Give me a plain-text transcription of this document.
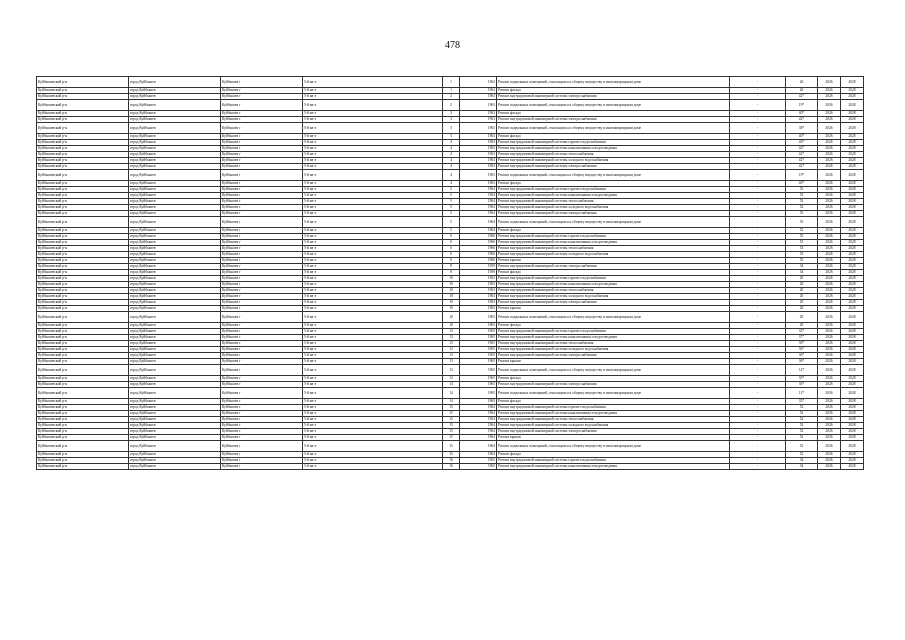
478
Куйбышевский р-н	город Куйбышев	Куйбышев г	5-й кв-л	1	1962	Ремонт подвальных помещений, относящихся к общему имуществу в многоквартирном доме	-	26	2026	2028
Куйбышевский р-н	город Куйбышев	Куйбышев г	5-й кв-л	1	1962	Ремонт фасада	-	26	2026	2028
Куйбышевский р-н	город Куйбышев	Куйбышев г	5-й кв-л	2	1963	Ремонт внутридомовой инженерной системы электроснабжения	-	42*	2026	2028
Куйбышевский р-н	город Куйбышев	Куйбышев г	5-й кв-л	2	1963	Ремонт подвальных помещений, относящихся к общему имуществу в многоквартирном доме	-	19*	2026	2028
Куйбышевский р-н	город Куйбышев	Куйбышев г	5-й кв-л	2	1963	Ремонт фасада	-	40*	2026	2028
Куйбышевский р-н	город Куйбышев	Куйбышев г	5-й кв-л	3	1963	Ремонт внутридомовой инженерной системы электроснабжения	-	42*	2026	2028
Куйбышевский р-н	город Куйбышев	Куйбышев г	5-й кв-л	3	1963	Ремонт подвальных помещений, относящихся к общему имуществу в многоквартирном доме	-	38*	2026	2028
Куйбышевский р-н	город Куйбышев	Куйбышев г	5-й кв-л	3	1963	Ремонт фасада	-	40*	2026	2028
Куйбышевский р-н	город Куйбышев	Куйбышев г	5-й кв-л	4	1963	Ремонт внутридомовой инженерной системы горячего водоснабжения	-	46*	2026	2028
Куйбышевский р-н	город Куйбышев	Куйбышев г	5-й кв-л	4	1963	Ремонт внутридомовой инженерной системы канализования и водоотведения	-	42*	2026	2028
Куйбышевский р-н	город Куйбышев	Куйбышев г	5-й кв-л	4	1963	Ремонт внутридомовой инженерной системы теплоснабжения	-	42*	2026	2028
Куйбышевский р-н	город Куйбышев	Куйбышев г	5-й кв-л	4	1963	Ремонт внутридомовой инженерной системы холодного водоснабжения	-	42*	2026	2028
Куйбышевский р-н	город Куйбышев	Куйбышев г	5-й кв-л	4	1963	Ремонт внутридомовой инженерной системы электроснабжения	-	42*	2026	2028
Куйбышевский р-н	город Куйбышев	Куйбышев г	5-й кв-л	4	1963	Ремонт подвальных помещений, относящихся к общему имуществу в многоквартирном доме	-	19*	2026	2028
Куйбышевский р-н	город Куйбышев	Куйбышев г	5-й кв-л	4	1963	Ремонт фасада	-	40*	2026	2028
Куйбышевский р-н	город Куйбышев	Куйбышев г	5-й кв-л	5	1964	Ремонт внутридомовой инженерной системы горячего водоснабжения	-	53	2026	2028
Куйбышевский р-н	город Куйбышев	Куйбышев г	5-й кв-л	5	1964	Ремонт внутридомовой инженерной системы канализования и водоотведения	-	53	2026	2028
Куйбышевский р-н	город Куйбышев	Куйбышев г	5-й кв-л	5	1964	Ремонт внутридомовой инженерной системы теплоснабжения	-	53	2026	2028
Куйбышевский р-н	город Куйбышев	Куйбышев г	5-й кв-л	5	1964	Ремонт внутридомовой инженерной системы холодного водоснабжения	-	52	2026	2028
Куйбышевский р-н	город Куйбышев	Куйбышев г	5-й кв-л	5	1964	Ремонт внутридомовой инженерной системы электроснабжения	-	53	2026	2028
Куйбышевский р-н	город Куйбышев	Куйбышев г	5-й кв-л	5	1964	Ремонт подвальных помещений, относящихся к общему имуществу в многоквартирном доме	-	53	2026	2028
Куйбышевский р-н	город Куйбышев	Куйбышев г	5-й кв-л	5	1964	Ремонт фасада	-	52	2026	2028
Куйбышевский р-н	город Куйбышев	Куйбышев г	5-й кв-л	6	1966	Ремонт внутридомовой инженерной системы горячего водоснабжения	-	53	2026	2028
Куйбышевский р-н	город Куйбышев	Куйбышев г	5-й кв-л	6	1966	Ремонт внутридомовой инженерной системы канализования и водоотведения	-	53	2026	2028
Куйбышевский р-н	город Куйбышев	Куйбышев г	5-й кв-л	6	1966	Ремонт внутридомовой инженерной системы теплоснабжения	-	53	2026	2028
Куйбышевский р-н	город Куйбышев	Куйбышев г	5-й кв-л	6	1966	Ремонт внутридомовой инженерной системы холодного водоснабжения	-	53	2026	2028
Куйбышевский р-н	город Куйбышев	Куйбышев г	5-й кв-л	6	1966	Ремонт крыши	-	53	2026	2028
Куйбышевский р-н	город Куйбышев	Куйбышев г	5-й кв-л	8	1959	Ремонт внутридомовой инженерной системы электроснабжения	-	34	2026	2028
Куйбышевский р-н	город Куйбышев	Куйбышев г	5-й кв-л	8	1959	Ремонт фасада	-	34	2026	2028
Куйбышевский р-н	город Куйбышев	Куйбышев г	5-й кв-л	10	1963	Ремонт внутридомовой инженерной системы горячего водоснабжения	-	20	2026	2028
Куйбышевский р-н	город Куйбышев	Куйбышев г	5-й кв-л	10	1963	Ремонт внутридомовой инженерной системы канализования и водоотведения	-	20	2026	2028
Куйбышевский р-н	город Куйбышев	Куйбышев г	5-й кв-л	10	1963	Ремонт внутридомовой инженерной системы теплоснабжения	-	20	2026	2028
Куйбышевский р-н	город Куйбышев	Куйбышев г	5-й кв-л	10	1963	Ремонт внутридомовой инженерной системы холодного водоснабжения	-	20	2026	2028
Куйбышевский р-н	город Куйбышев	Куйбышев г	5-й кв-л	10	1963	Ремонт внутридомовой инженерной системы электроснабжения	-	20	2026	2028
Куйбышевский р-н	город Куйбышев	Куйбышев г	5-й кв-л	10	1963	Ремонт крыши	-	20	2026	2028
Куйбышевский р-н	город Куйбышев	Куйбышев г	5-й кв-л	10	1963	Ремонт подвальных помещений, относящихся к общему имуществу в многоквартирном доме	-	20	2026	2028
Куйбышевский р-н	город Куйбышев	Куйбышев г	5-й кв-л	10	1963	Ремонт фасада	-	20	2026	2028
Куйбышевский р-н	город Куйбышев	Куйбышев г	5-й кв-л	13	1965	Ремонт внутридомовой инженерной системы горячего водоснабжения	-	33*	2026	2028
Куйбышевский р-н	город Куйбышев	Куйбышев г	5-й кв-л	13	1965	Ремонт внутридомовой инженерной системы канализования и водоотведения	-	37*	2026	2028
Куйбышевский р-н	город Куйбышев	Куйбышев г	5-й кв-л	13	1965	Ремонт внутридомовой инженерной системы теплоснабжения	-	30*	2026	2028
Куйбышевский р-н	город Куйбышев	Куйбышев г	5-й кв-л	13	1965	Ремонт внутридомовой инженерной системы холодного водоснабжения	-	36*	2026	2028
Куйбышевский р-н	город Куйбышев	Куйбышев г	5-й кв-л	13	1965	Ремонт внутридомовой инженерной системы электроснабжения	-	36*	2026	2028
Куйбышевский р-н	город Куйбышев	Куйбышев г	5-й кв-л	13	1965	Ремонт крыши	-	36*	2026	2028
Куйбышевский р-н	город Куйбышев	Куйбышев г	5-й кв-л	13	1965	Ремонт подвальных помещений, относящихся к общему имуществу в многоквартирном доме	-	12*	2026	2028
Куйбышевский р-н	город Куйбышев	Куйбышев г	5-й кв-л	13	1965	Ремонт фасада	-	35*	2026	2028
Куйбышевский р-н	город Куйбышев	Куйбышев г	5-й кв-л	14	1965	Ремонт внутридомовой инженерной системы электроснабжения	-	36*	2026	2028
Куйбышевский р-н	город Куйбышев	Куйбышев г	5-й кв-л	14	1965	Ремонт подвальных помещений, относящихся к общему имуществу в многоквартирном доме	-	12*	2026	2028
Куйбышевский р-н	город Куйбышев	Куйбышев г	5-й кв-л	14	1965	Ремонт фасада	-	35*	2026	2028
Куйбышевский р-н	город Куйбышев	Куйбышев г	5-й кв-л	15	1964	Ремонт внутридомовой инженерной системы горячего водоснабжения	-	52	2026	2028
Куйбышевский р-н	город Куйбышев	Куйбышев г	5-й кв-л	15	1964	Ремонт внутридомовой инженерной системы канализования и водоотведения	-	52	2026	2028
Куйбышевский р-н	город Куйбышев	Куйбышев г	5-й кв-л	15	1964	Ремонт внутридомовой инженерной системы теплоснабжения	-	52	2026	2028
Куйбышевский р-н	город Куйбышев	Куйбышев г	5-й кв-л	15	1964	Ремонт внутридомовой инженерной системы холодного водоснабжения	-	52	2026	2028
Куйбышевский р-н	город Куйбышев	Куйбышев г	5-й кв-л	15	1964	Ремонт внутридомовой инженерной системы электроснабжения	-	52	2026	2028
Куйбышевский р-н	город Куйбышев	Куйбышев г	5-й кв-л	15	1964	Ремонт крыши	-	52	2026	2028
Куйбышевский р-н	город Куйбышев	Куйбышев г	5-й кв-л	15	1964	Ремонт подвальных помещений, относящихся к общему имуществу в многоквартирном доме	-	52	2026	2028
Куйбышевский р-н	город Куйбышев	Куйбышев г	5-й кв-л	15	1964	Ремонт фасада	-	52	2026	2028
Куйбышевский р-н	город Куйбышев	Куйбышев г	5-й кв-л	16	1965	Ремонт внутридомовой инженерной системы горячего водоснабжения	-	34	2026	2028
Куйбышевский р-н	город Куйбышев	Куйбышев г	5-й кв-л	16	1965	Ремонт внутридомовой инженерной системы канализования и водоотведения	-	34	2026	2028
